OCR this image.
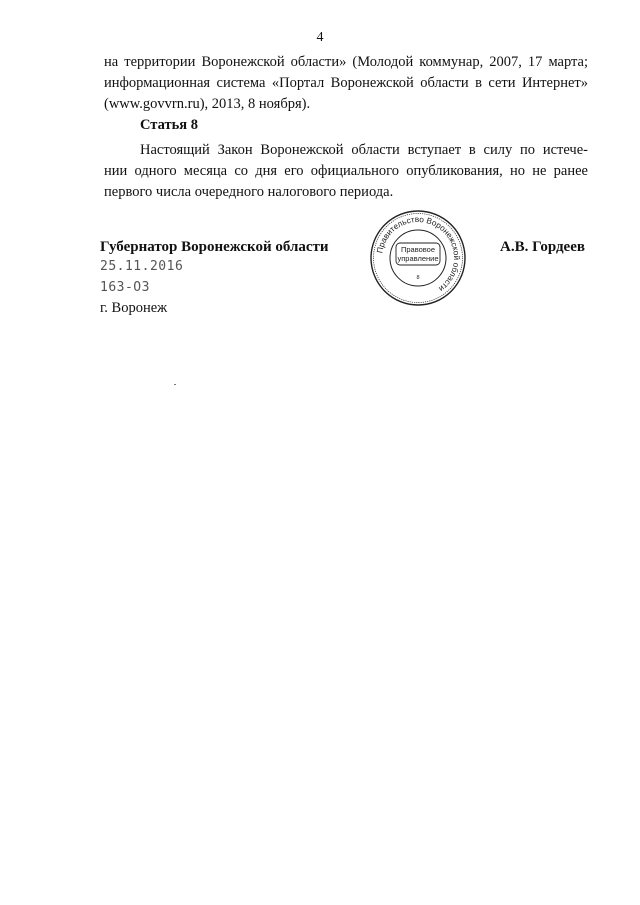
4
на территории Воронежской области» (Молодой коммунар, 2007, 17 марта;
информационная система «Портал Воронежской области в сети Интернет»
(www.govvrn.ru), 2013, 8 ноября).
Статья 8
Настоящий Закон Воронежской области вступает в силу по истече-
нии одного месяца со дня его официального опубликования, но не ранее
первого числа очередного налогового периода.
Губернатор Воронежской области	А.В. Гордеев
25.11.2016
163-ОЗ
г. Воронеж
Правительство Воронежской области
Правовое
управление
8
